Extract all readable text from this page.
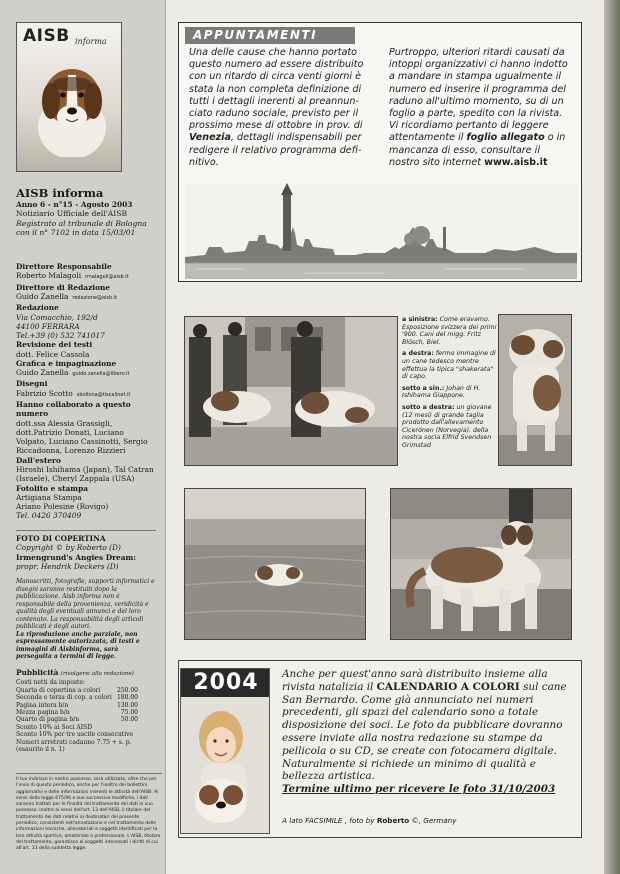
AISB informa
AISB informa
Anno 6 - n°15 - Agosto 2003
Notiziario Ufficiale dell'AISB
Registrato al tribunale di Bologna
con il n° 7102 in data 15/03/01
Direttore Responsabile
Roberto Malagoli rmalagoli@aisb.it
Direttore di Redazione
Guido Zanella redazione@aisb.it
Redazione
Via Comacchio, 192/d
44100 FERRARA
Tel.+39 (0) 532 741017
Revisione dei testi
dott. Felice Cassola
Grafica e impaginazione
Guido Zanella guido.zanella@libero.it
Disegni
Fabrizio Scotto sbollona@tiscalinet.it
Hanno collaborato a questo numero
dott.ssa Alessia Grassigli,
dott.Patrizio Donati, Luciano
Volpato, Luciano Cassinotti, Sergio
Riccadonna, Lorenzo Rizzieri
Dall'estero
Hiroshi Ishihama (Japan), Tal Catran
(Israele), Cheryl Zappala (USA)
Fotolito e stampa
Artigiana Stampa
Ariano Polesine (Rovigo)
Tel. 0426 370409
FOTO DI COPERTINA
Copyright © by Roberto (D)
Irmengrund's Angies Dream:
propr. Hendrik Deckers (D)
Manoscritti, fotografie, supporti informatici e disegni saranno restituiti dopo la pubblicazione. Aisb informa non è responsabile della provenienza, veridicità e qualità degli eventuali annunci e del loro contenuto. La responsabilità degli articoli pubblicati è degli autori.
La riproduzione anche parziale, non espressamente autorizzata, di testi e immagini di Aisbinforma, sarà perseguita a termini di legge.
Pubblicità (rivolgersi alla redazione)
Costi netti da imposte:
Quarta di copertina a colori	250.00
Seconda e terza di cop. a colori 180.00
Pagina intera b/n	130.00
Mezza pagina b/n	75.00
Quarto di pagina b/n	50.00
Sconto 10% ai Soci AISD
Sconto 10% per tre uscite consecutive
Numeri arretrati cadauno 7.75 + s. p.
(esaurito il n. 1)
Il tuo indirizzo in nostro possesso, sarà utilizzato, oltre che per l'invio di questo periodico, anche per l'inoltro dei bollettini aggiornativi e delle informazioni inerenti le attività dell'AISB. Ai sensi della legge 675/96 e sue successive modifiche, i dati saranno trattati per le finalità del trattamento dei dati in suo possesso. Inoltre ai sensi dell'art. 13 dell'AISB, il titolare del trattamento dei dati relativi ai destinatari del presente periodico, consistenti nell'annotazione e nel trattamento delle informazioni tecniche, allevatoriali e soggetti identificati per la loro attività sportiva, amatoriale o professionale. L'AISB, titolare del trattamento, garantisce ai soggetti interessati i diritti di cui all'art. 13 della suddetta legge.
APPUNTAMENTI
Una delle cause che hanno portato
questo numero ad essere distribuito
con un ritardo di circa venti giorni è
stata la non completa definizione di
tutti i dettagli inerenti al preannun-
ciato raduno sociale, previsto per il
prossimo mese di ottobre in prov. di
Venezia, dettagli indispensabili per
redigere il relativo programma defi-
nitivo.
Purtroppo, ulteriori ritardi causati da
intoppi organizzativi ci hanno indotto
a mandare in stampa ugualmente il
numero ed inserire il programma del
raduno all'ultimo momento, su di un
foglio a parte, spedito con la rivista.
Vi ricordiamo pertanto di leggere
attentamente il foglio allegato o in
mancanza di esso, consultare il
nostro sito internet www.aisb.it

a sinistra: Come eravamo. Esposizione svizzera dei primi '900. Cani del migg. Fritz Blösch, Biel.

a destra: fermo immagine di un cane tedesco mentre effettua la tipica "shakerata" di capo.

sotto a sin.: Johan di H. Ishihama Giappone.

sotto a destra: un giovane (12 mesi) di grande taglia prodotto dall'allevamento Cicerönen (Norvegia), della nostra socia Elfrid Svendsen Grimstad

2004	Anche per quest'anno sarà distribuito insieme alla rivista natalizia il CALENDARIO A COLORI sul cane San Bernardo. Come già annunciato nei numeri precedenti, gli spazi del calendario sono a totale disposizione dei soci. Le foto da pubblicare dovranno essere inviate alla nostra redazione su stampe da pellicola o su CD, se create con fotocamera digitale. Naturalmente si richiede un minimo di qualità e bellezza artistica.
Termine ultimo per ricevere le foto 31/10/2003
A lato FACSIMILE , foto by Roberto ©, Germany
